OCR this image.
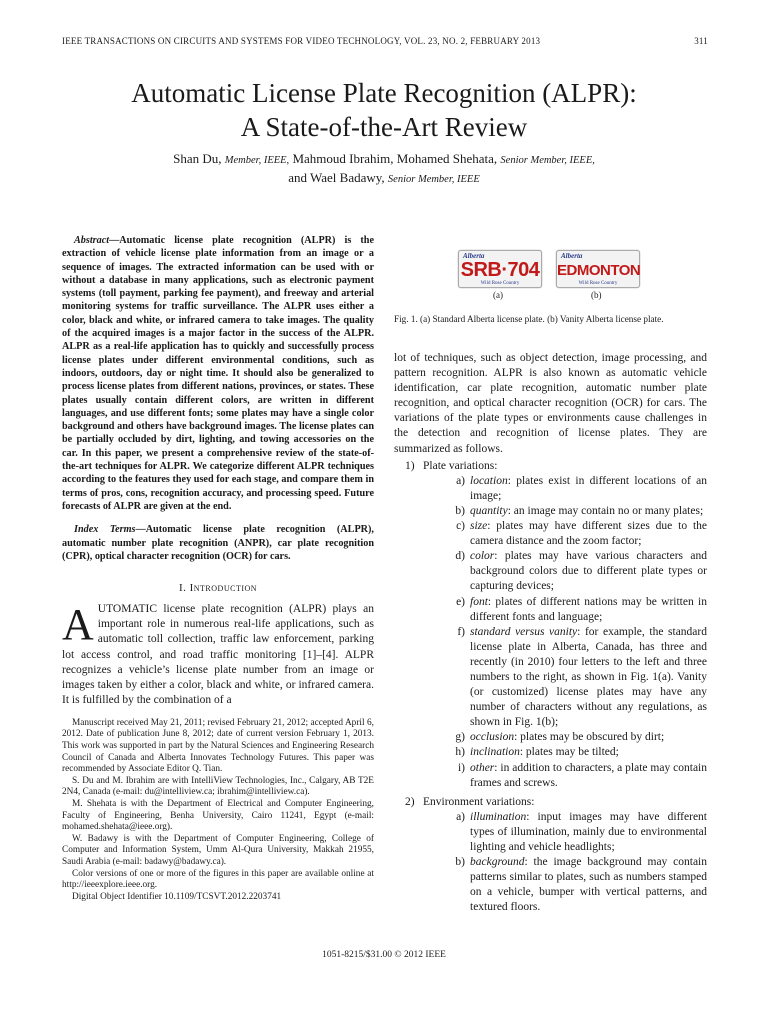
IEEE TRANSACTIONS ON CIRCUITS AND SYSTEMS FOR VIDEO TECHNOLOGY, VOL. 23, NO. 2, FEBRUARY 2013	311
Automatic License Plate Recognition (ALPR):
A State-of-the-Art Review
Shan Du, Member, IEEE, Mahmoud Ibrahim, Mohamed Shehata, Senior Member, IEEE,
and Wael Badawy, Senior Member, IEEE

Abstract—Automatic license plate recognition (ALPR) is the extraction of vehicle license plate information from an image or a sequence of images. The extracted information can be used with or without a database in many applications, such as electronic payment systems (toll payment, parking fee payment), and freeway and arterial monitoring systems for traffic surveillance. The ALPR uses either a color, black and white, or infrared camera to take images. The quality of the acquired images is a major factor in the success of the ALPR. ALPR as a real-life application has to quickly and successfully process license plates under different environmental conditions, such as indoors, outdoors, day or night time. It should also be generalized to process license plates from different nations, provinces, or states. These plates usually contain different colors, are written in different languages, and use different fonts; some plates may have a single color background and others have background images. The license plates can be partially occluded by dirt, lighting, and towing accessories on the car. In this paper, we present a comprehensive review of the state-of-the-art techniques for ALPR. We categorize different ALPR techniques according to the features they used for each stage, and compare them in terms of pros, cons, recognition accuracy, and processing speed. Future forecasts of ALPR are given at the end.

Index Terms—Automatic license plate recognition (ALPR), automatic number plate recognition (ANPR), car plate recognition (CPR), optical character recognition (OCR) for cars.

I. Introduction

AUTOMATIC license plate recognition (ALPR) plays an important role in numerous real-life applications, such as automatic toll collection, traffic law enforcement, parking lot access control, and road traffic monitoring [1]–[4]. ALPR recognizes a vehicle’s license plate number from an image or images taken by either a color, black and white, or infrared camera. It is fulfilled by the combination of a

Manuscript received May 21, 2011; revised February 21, 2012; accepted April 6, 2012. Date of publication June 8, 2012; date of current version February 1, 2013. This work was supported in part by the Natural Sciences and Engineering Research Council of Canada and Alberta Innovates Technology Futures. This paper was recommended by Associate Editor Q. Tian.

S. Du and M. Ibrahim are with IntelliView Technologies, Inc., Calgary, AB T2E 2N4, Canada (e-mail: du@intelliview.ca; ibrahim@intelliview.ca).

M. Shehata is with the Department of Electrical and Computer Engineering, Faculty of Engineering, Benha University, Cairo 11241, Egypt (e-mail: mohamed.shehata@ieee.org).

W. Badawy is with the Department of Computer Engineering, College of Computer and Information System, Umm Al-Qura University, Makkah 21955, Saudi Arabia (e-mail: badawy@badawy.ca).

Color versions of one or more of the figures in this paper are available online at http://ieeexplore.ieee.org.

Digital Object Identifier 10.1109/TCSVT.2012.2203741

Alberta
SRB·704
Wild Rose Country
Alberta
EDMONTON
Wild Rose Country
(a)	(b)
Fig. 1. (a) Standard Alberta license plate. (b) Vanity Alberta license plate.

lot of techniques, such as object detection, image processing, and pattern recognition. ALPR is also known as automatic vehicle identification, car plate recognition, automatic number plate recognition, and optical character recognition (OCR) for cars. The variations of the plate types or environments cause challenges in the detection and recognition of license plates. They are summarized as follows.

1) Plate variations:
a) location: plates exist in different locations of an image;
b) quantity: an image may contain no or many plates;
c) size: plates may have different sizes due to the camera distance and the zoom factor;
d) color: plates may have various characters and background colors due to different plate types or capturing devices;
e) font: plates of different nations may be written in different fonts and language;
f) standard versus vanity: for example, the standard license plate in Alberta, Canada, has three and recently (in 2010) four letters to the left and three numbers to the right, as shown in Fig. 1(a). Vanity (or customized) license plates may have any number of characters without any regulations, as shown in Fig. 1(b);
g) occlusion: plates may be obscured by dirt;
h) inclination: plates may be tilted;
i) other: in addition to characters, a plate may contain frames and screws.
2) Environment variations:
a) illumination: input images may have different types of illumination, mainly due to environmental lighting and vehicle headlights;
b) background: the image background may contain patterns similar to plates, such as numbers stamped on a vehicle, bumper with vertical patterns, and textured floors.
1051-8215/$31.00 © 2012 IEEE
